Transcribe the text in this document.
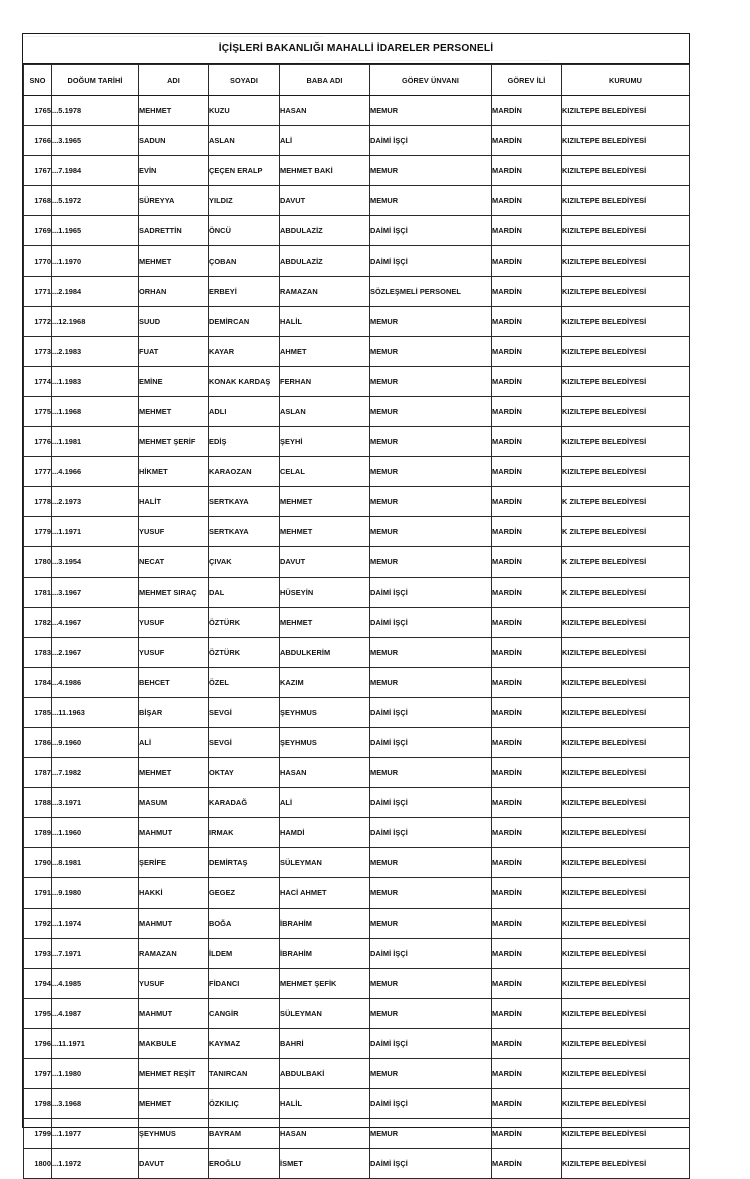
İÇİŞLERİ BAKANLIĞI MAHALLİ İDARELER PERSONELİ
SNO	DOĞUM TARİHİ	ADI	SOYADI	BABA ADI	GÖREV ÜNVANI	GÖREV İLİ	KURUMU
1765	...5.1978	MEHMET	KUZU	HASAN	MEMUR	MARDİN	KIZILTEPE BELEDİYESİ
1766	...3.1965	SADUN	ASLAN	ALİ	DAİMİ İŞÇİ	MARDİN	KIZILTEPE BELEDİYESİ
1767	...7.1984	EVİN	ÇEÇEN ERALP	MEHMET BAKİ	MEMUR	MARDİN	KIZILTEPE BELEDİYESİ
1768	...5.1972	SÜREYYA	YILDIZ	DAVUT	MEMUR	MARDİN	KIZILTEPE BELEDİYESİ
1769	...1.1965	SADRETTİN	ÖNCÜ	ABDULAZİZ	DAİMİ İŞÇİ	MARDİN	KIZILTEPE BELEDİYESİ
1770	...1.1970	MEHMET	ÇOBAN	ABDULAZİZ	DAİMİ İŞÇİ	MARDİN	KIZILTEPE BELEDİYESİ
1771	...2.1984	ORHAN	ERBEYİ	RAMAZAN	SÖZLEŞMELİ PERSONEL	MARDİN	KIZILTEPE BELEDİYESİ
1772	...12.1968	SUUD	DEMİRCAN	HALİL	MEMUR	MARDİN	KIZILTEPE BELEDİYESİ
1773	...2.1983	FUAT	KAYAR	AHMET	MEMUR	MARDİN	KIZILTEPE BELEDİYESİ
1774	...1.1983	EMİNE	KONAK KARDAŞ	FERHAN	MEMUR	MARDİN	KIZILTEPE BELEDİYESİ
1775	...1.1968	MEHMET	ADLI	ASLAN	MEMUR	MARDİN	KIZILTEPE BELEDİYESİ
1776	...1.1981	MEHMET ŞERİF	EDİŞ	ŞEYHİ	MEMUR	MARDİN	KIZILTEPE BELEDİYESİ
1777	...4.1966	HİKMET	KARAOZAN	CELAL	MEMUR	MARDİN	KIZILTEPE BELEDİYESİ
1778	...2.1973	HALİT	SERTKAYA	MEHMET	MEMUR	MARDİN	K ZILTEPE BELEDİYESİ
1779	...1.1971	YUSUF	SERTKAYA	MEHMET	MEMUR	MARDİN	K ZILTEPE BELEDİYESİ
1780	...3.1954	NECAT	ÇIVAK	DAVUT	MEMUR	MARDİN	K ZILTEPE BELEDİYESİ
1781	...3.1967	MEHMET SIRAÇ	DAL	HÜSEYİN	DAİMİ İŞÇİ	MARDİN	K ZILTEPE BELEDİYESİ
1782	...4.1967	YUSUF	ÖZTÜRK	MEHMET	DAİMİ İŞÇİ	MARDİN	KIZILTEPE BELEDİYESİ
1783	...2.1967	YUSUF	ÖZTÜRK	ABDULKERİM	MEMUR	MARDİN	KIZILTEPE BELEDİYESİ
1784	...4.1986	BEHCET	ÖZEL	KAZIM	MEMUR	MARDİN	KIZILTEPE BELEDİYESİ
1785	...11.1963	BİŞAR	SEVGİ	ŞEYHMUS	DAİMİ İŞÇİ	MARDİN	KIZILTEPE BELEDİYESİ
1786	...9.1960	ALİ	SEVGİ	ŞEYHMUS	DAİMİ İŞÇİ	MARDİN	KIZILTEPE BELEDİYESİ
1787	...7.1982	MEHMET	OKTAY	HASAN	MEMUR	MARDİN	KIZILTEPE BELEDİYESİ
1788	...3.1971	MASUM	KARADAĞ	ALİ	DAİMİ İŞÇİ	MARDİN	KIZILTEPE BELEDİYESİ
1789	...1.1960	MAHMUT	IRMAK	HAMDİ	DAİMİ İŞÇİ	MARDİN	KIZILTEPE BELEDİYESİ
1790	...8.1981	ŞERİFE	DEMİRTAŞ	SÜLEYMAN	MEMUR	MARDİN	KIZILTEPE BELEDİYESİ
1791	...9.1980	HAKKİ	GEGEZ	HACİ AHMET	MEMUR	MARDİN	KIZILTEPE BELEDİYESİ
1792	...1.1974	MAHMUT	BOĞA	İBRAHİM	MEMUR	MARDİN	KIZILTEPE BELEDİYESİ
1793	...7.1971	RAMAZAN	İLDEM	İBRAHİM	DAİMİ İŞÇİ	MARDİN	KIZILTEPE BELEDİYESİ
1794	...4.1985	YUSUF	FİDANCI	MEHMET ŞEFİK	MEMUR	MARDİN	KIZILTEPE BELEDİYESİ
1795	...4.1987	MAHMUT	CANGİR	SÜLEYMAN	MEMUR	MARDİN	KIZILTEPE BELEDİYESİ
1796	...11.1971	MAKBULE	KAYMAZ	BAHRİ	DAİMİ İŞÇİ	MARDİN	KIZILTEPE BELEDİYESİ
1797	...1.1980	MEHMET REŞİT	TANIRCAN	ABDULBAKİ	MEMUR	MARDİN	KIZILTEPE BELEDİYESİ
1798	...3.1968	MEHMET	ÖZKILIÇ	HALİL	DAİMİ İŞÇİ	MARDİN	KIZILTEPE BELEDİYESİ
1799	...1.1977	ŞEYHMUS	BAYRAM	HASAN	MEMUR	MARDİN	KIZILTEPE BELEDİYESİ
1800	...1.1972	DAVUT	EROĞLU	İSMET	DAİMİ İŞÇİ	MARDİN	KIZILTEPE BELEDİYESİ
